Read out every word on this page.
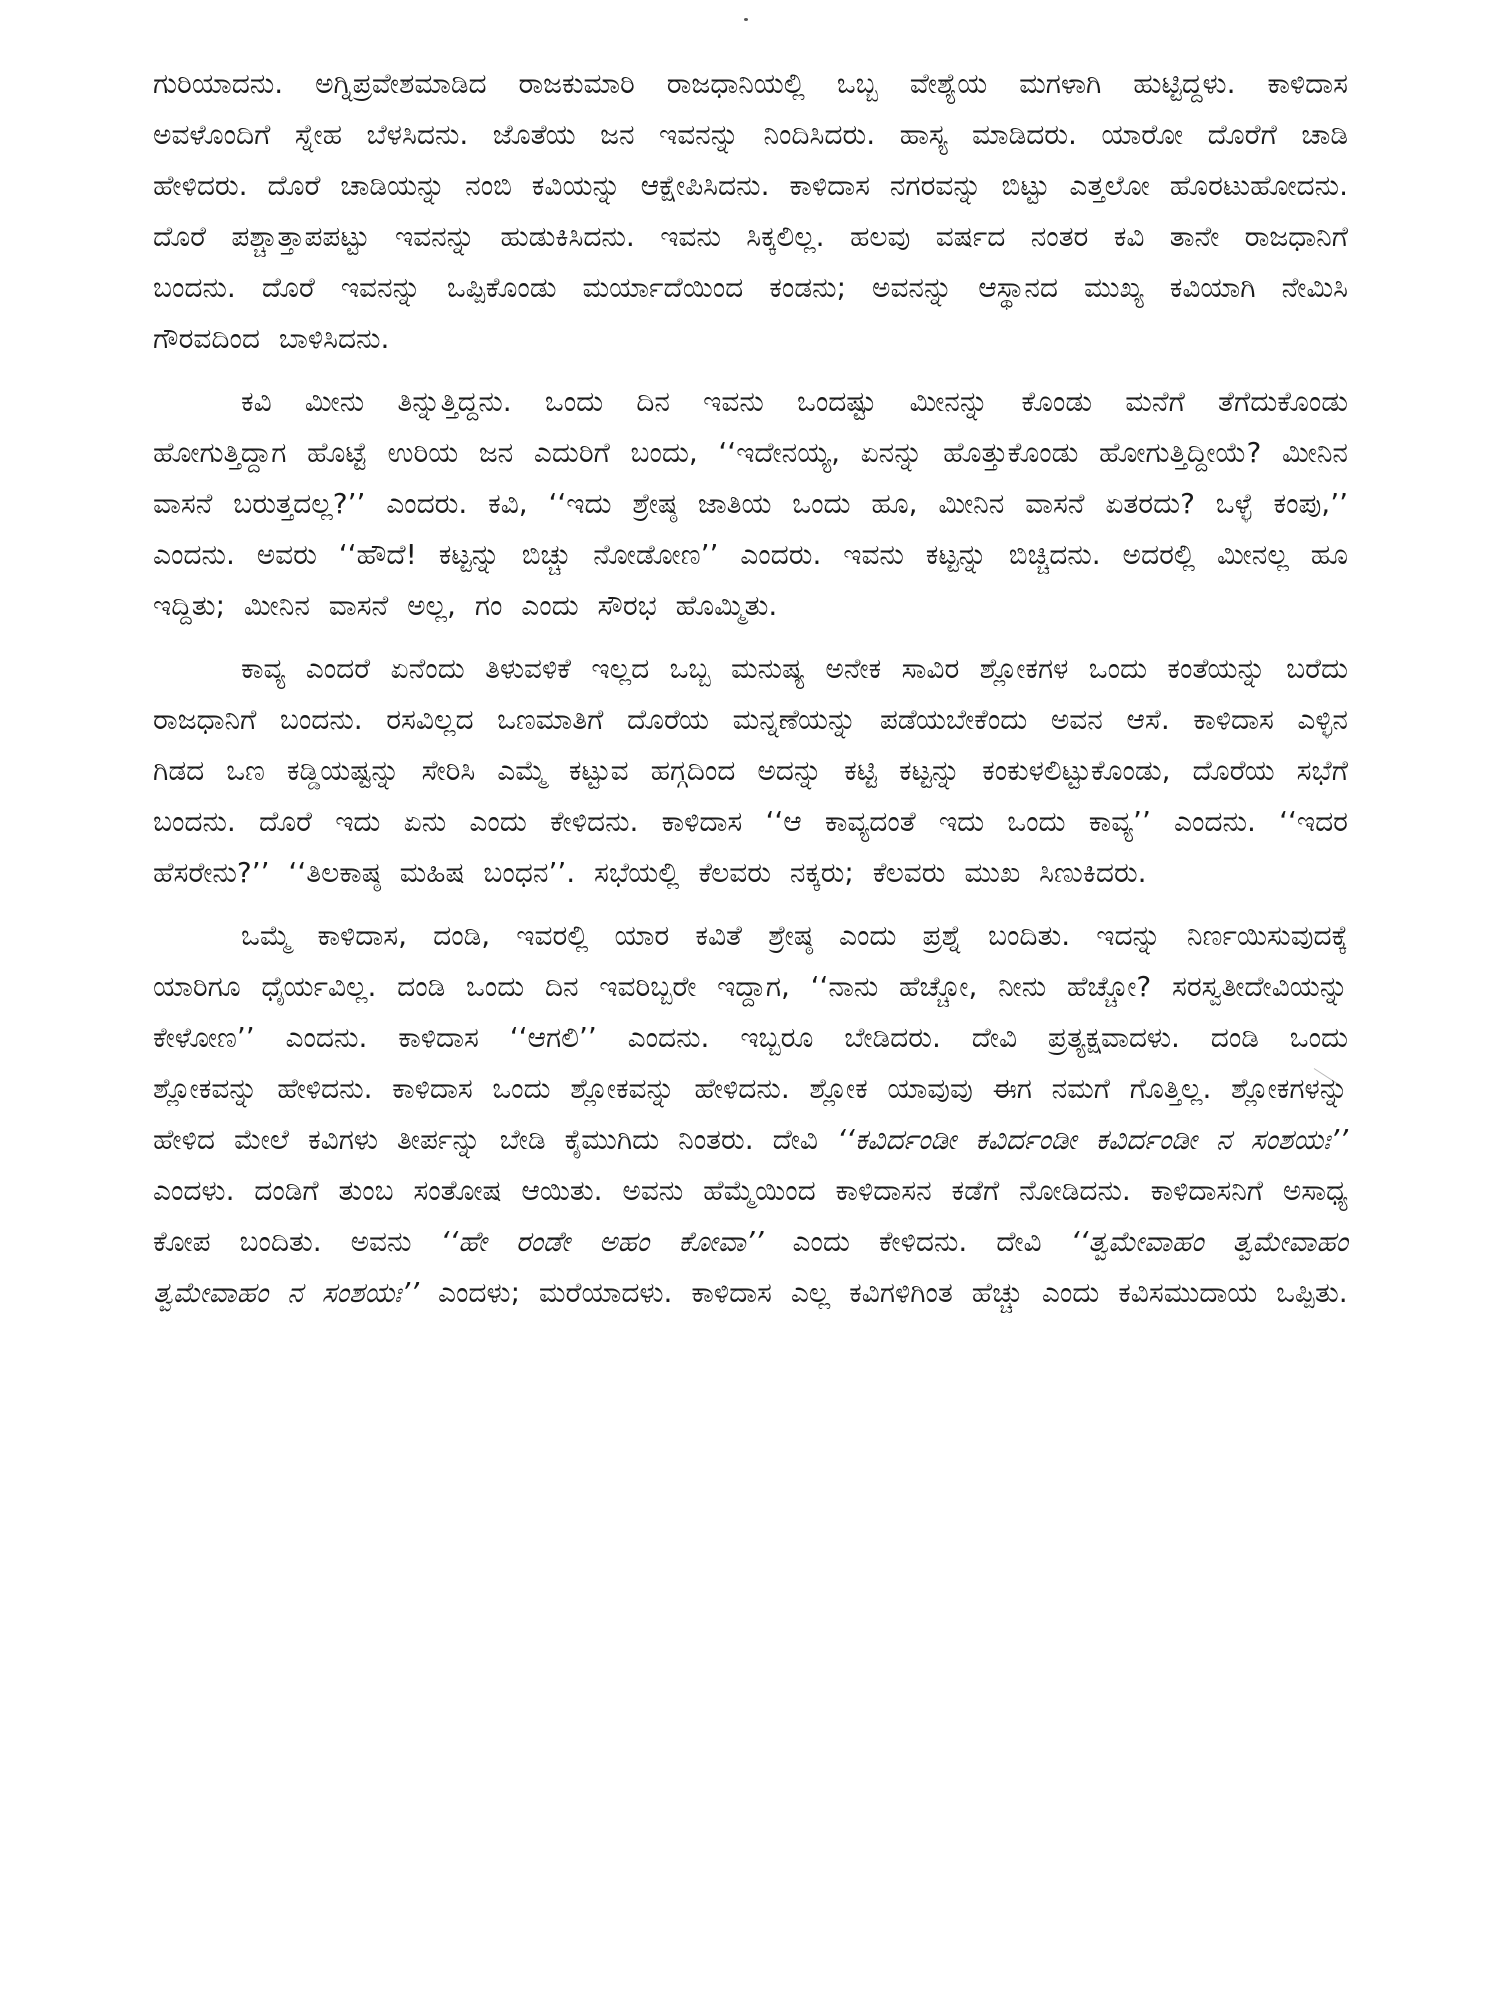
ಗುರಿಯಾದನು. ಅಗ್ನಿಪ್ರವೇಶಮಾಡಿದ ರಾಜಕುಮಾರಿ ರಾಜಧಾನಿಯಲ್ಲಿ ಒಬ್ಬ ವೇಶ್ಯೆಯ ಮಗಳಾಗಿ ಹುಟ್ಟಿದ್ದಳು. ಕಾಳಿದಾಸ ಅವಳೊಂದಿಗೆ ಸ್ನೇಹ ಬೆಳಸಿದನು. ಜೊತೆಯ ಜನ ಇವನನ್ನು ನಿಂದಿಸಿದರು. ಹಾಸ್ಯ ಮಾಡಿದರು. ಯಾರೋ ದೊರೆಗೆ ಚಾಡಿ ಹೇಳಿದರು. ದೊರೆ ಚಾಡಿಯನ್ನು ನಂಬಿ ಕವಿಯನ್ನು ಆಕ್ಷೇಪಿಸಿದನು. ಕಾಳಿದಾಸ ನಗರವನ್ನು ಬಿಟ್ಟು ಎತ್ತಲೋ ಹೊರಟುಹೋದನು. ದೊರೆ ಪಶ್ಚಾತ್ತಾಪಪಟ್ಟು ಇವನನ್ನು ಹುಡುಕಿಸಿದನು. ಇವನು ಸಿಕ್ಕಲಿಲ್ಲ. ಹಲವು ವರ್ಷದ ನಂತರ ಕವಿ ತಾನೇ ರಾಜಧಾನಿಗೆ ಬಂದನು. ದೊರೆ ಇವನನ್ನು ಒಪ್ಪಿಕೊಂಡು ಮರ್ಯಾದೆಯಿಂದ ಕಂಡನು; ಅವನನ್ನು ಆಸ್ಥಾನದ ಮುಖ್ಯ ಕವಿಯಾಗಿ ನೇಮಿಸಿ ಗೌರವದಿಂದ ಬಾಳಿಸಿದನು.

ಕವಿ ಮೀನು ತಿನ್ನುತ್ತಿದ್ದನು. ಒಂದು ದಿನ ಇವನು ಒಂದಷ್ಟು ಮೀನನ್ನು ಕೊಂಡು ಮನೆಗೆ ತೆಗೆದುಕೊಂಡು ಹೋಗುತ್ತಿದ್ದಾಗ ಹೊಟ್ಟೆ ಉರಿಯ ಜನ ಎದುರಿಗೆ ಬಂದು, ‘‘ಇದೇನಯ್ಯ, ಏನನ್ನು ಹೊತ್ತುಕೊಂಡು ಹೋಗುತ್ತಿದ್ದೀಯೆ? ಮೀನಿನ ವಾಸನೆ ಬರುತ್ತದಲ್ಲ?’’ ಎಂದರು. ಕವಿ, ‘‘ಇದು ಶ್ರೇಷ್ಠ ಜಾತಿಯ ಒಂದು ಹೂ, ಮೀನಿನ ವಾಸನೆ ಏತರದು? ಒಳ್ಳೆ ಕಂಪು,’’ ಎಂದನು. ಅವರು ‘‘ಹೌದೆ! ಕಟ್ಟನ್ನು ಬಿಚ್ಚು ನೋಡೋಣ’’ ಎಂದರು. ಇವನು ಕಟ್ಟನ್ನು ಬಿಚ್ಚಿದನು. ಅದರಲ್ಲಿ ಮೀನಲ್ಲ ಹೂ ಇದ್ದಿತು; ಮೀನಿನ ವಾಸನೆ ಅಲ್ಲ, ಗಂ ಎಂದು ಸೌರಭ ಹೊಮ್ಮಿತು.

ಕಾವ್ಯ ಎಂದರೆ ಏನೆಂದು ತಿಳುವಳಿಕೆ ಇಲ್ಲದ ಒಬ್ಬ ಮನುಷ್ಯ ಅನೇಕ ಸಾವಿರ ಶ್ಲೋಕಗಳ ಒಂದು ಕಂತೆಯನ್ನು ಬರೆದು ರಾಜಧಾನಿಗೆ ಬಂದನು. ರಸವಿಲ್ಲದ ಒಣಮಾತಿಗೆ ದೊರೆಯ ಮನ್ನಣೆಯನ್ನು ಪಡೆಯಬೇಕೆಂದು ಅವನ ಆಸೆ. ಕಾಳಿದಾಸ ಎಳ್ಳಿನ ಗಿಡದ ಒಣ ಕಡ್ಡಿಯಷ್ಟನ್ನು ಸೇರಿಸಿ ಎಮ್ಮೆ ಕಟ್ಟುವ ಹಗ್ಗದಿಂದ ಅದನ್ನು ಕಟ್ಟಿ ಕಟ್ಟನ್ನು ಕಂಕುಳಲಿಟ್ಟುಕೊಂಡು, ದೊರೆಯ ಸಭೆಗೆ ಬಂದನು. ದೊರೆ ಇದು ಏನು ಎಂದು ಕೇಳಿದನು. ಕಾಳಿದಾಸ ‘‘ಆ ಕಾವ್ಯದಂತೆ ಇದು ಒಂದು ಕಾವ್ಯ’’ ಎಂದನು. ‘‘ಇದರ ಹೆಸರೇನು?’’ ‘‘ತಿಲಕಾಷ್ಠ ಮಹಿಷ ಬಂಧನ’’. ಸಭೆಯಲ್ಲಿ ಕೆಲವರು ನಕ್ಕರು; ಕೆಲವರು ಮುಖ ಸಿಣುಕಿದರು.

ಒಮ್ಮೆ ಕಾಳಿದಾಸ, ದಂಡಿ, ಇವರಲ್ಲಿ ಯಾರ ಕವಿತೆ ಶ್ರೇಷ್ಠ ಎಂದು ಪ್ರಶ್ನೆ ಬಂದಿತು. ಇದನ್ನು ನಿರ್ಣಯಿಸುವುದಕ್ಕೆ ಯಾರಿಗೂ ಧೈರ್ಯವಿಲ್ಲ. ದಂಡಿ ಒಂದು ದಿನ ಇವರಿಬ್ಬರೇ ಇದ್ದಾಗ, ‘‘ನಾನು ಹೆಚ್ಚೋ, ನೀನು ಹೆಚ್ಚೋ? ಸರಸ್ವತೀದೇವಿಯನ್ನು ಕೇಳೋಣ’’ ಎಂದನು. ಕಾಳಿದಾಸ ‘‘ಆಗಲಿ’’ ಎಂದನು. ಇಬ್ಬರೂ ಬೇಡಿದರು. ದೇವಿ ಪ್ರತ್ಯಕ್ಷವಾದಳು. ದಂಡಿ ಒಂದು ಶ್ಲೋಕವನ್ನು ಹೇಳಿದನು. ಕಾಳಿದಾಸ ಒಂದು ಶ್ಲೋಕವನ್ನು ಹೇಳಿದನು. ಶ್ಲೋಕ ಯಾವುವು ಈಗ ನಮಗೆ ಗೊತ್ತಿಲ್ಲ. ಶ್ಲೋಕಗಳನ್ನು ಹೇಳಿದ ಮೇಲೆ ಕವಿಗಳು ತೀರ್ಪನ್ನು ಬೇಡಿ ಕೈಮುಗಿದು ನಿಂತರು. ದೇವಿ ‘‘ಕವಿರ್ದಂಡೀ ಕವಿರ್ದಂಡೀ ಕವಿರ್ದಂಡೀ ನ ಸಂಶಯಃ’’ ಎಂದಳು. ದಂಡಿಗೆ ತುಂಬ ಸಂತೋಷ ಆಯಿತು. ಅವನು ಹೆಮ್ಮೆಯಿಂದ ಕಾಳಿದಾಸನ ಕಡೆಗೆ ನೋಡಿದನು. ಕಾಳಿದಾಸನಿಗೆ ಅಸಾಧ್ಯ ಕೋಪ ಬಂದಿತು. ಅವನು ‘‘ಹೇ ರಂಡೇ ಅಹಂ ಕೋವಾ’’ ಎಂದು ಕೇಳಿದನು. ದೇವಿ ‘‘ತ್ವಮೇವಾಹಂ ತ್ವಮೇವಾಹಂ ತ್ವಮೇವಾಹಂ ನ ಸಂಶಯಃ’’ ಎಂದಳು; ಮರೆಯಾದಳು. ಕಾಳಿದಾಸ ಎಲ್ಲ ಕವಿಗಳಿಗಿಂತ ಹೆಚ್ಚು ಎಂದು ಕವಿಸಮುದಾಯ ಒಪ್ಪಿತು.
